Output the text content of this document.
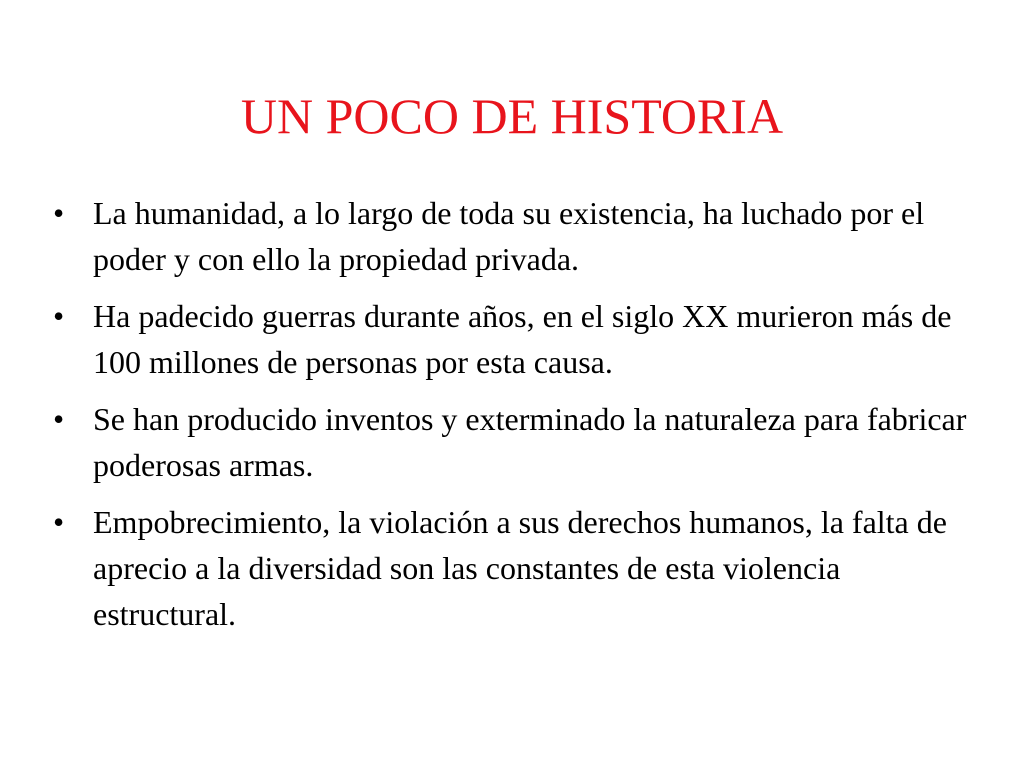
UN POCO DE HISTORIA
• La humanidad, a lo largo de toda su existencia, ha luchado por el poder y con ello la propiedad privada.
• Ha padecido guerras durante años, en el siglo XX murieron más de 100 millones de personas por esta causa.
• Se han producido inventos y exterminado la naturaleza para fabricar poderosas armas.
• Empobrecimiento, la violación a sus derechos humanos, la falta de aprecio a la diversidad son las constantes de esta violencia estructural.
